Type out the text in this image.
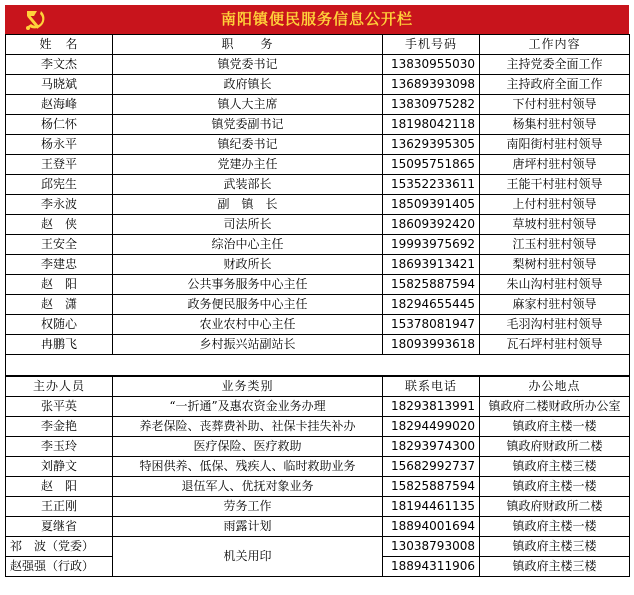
南阳镇便民服务信息公开栏
姓　名	职　　务	手机号码	工作内容
李文杰	镇党委书记	13830955030	主持党委全面工作
马晓斌	政府镇长	13689393098	主持政府全面工作
赵海峰	镇人大主席	13830975282	下付村驻村领导
杨仁怀	镇党委副书记	18198042118	杨集村驻村领导
杨永平	镇纪委书记	13629395305	南阳街村驻村领导
王登平	党建办主任	15095751865	唐坪村驻村领导
邱宪生	武装部长	15352233611	王能干村驻村领导
李永波	副　镇　长	18509391405	上付村驻村领导
赵　侠	司法所长	18609392420	草坡村驻村领导
王安全	综治中心主任	19993975692	江玉村驻村领导
李建忠	财政所长	18693913421	梨树村驻村领导
赵　阳	公共事务服务中心主任	15825887594	朱山沟村驻村领导
赵　潇	政务便民服务中心主任	18294655445	麻家村驻村领导
权随心	农业农村中心主任	15378081947	毛羽沟村驻村领导
冉鹏飞	乡村振兴站副站长	18093993618	瓦石坪村驻村领导

主办人员	业务类别	联系电话	办公地点
张平英	“一折通”及惠农资金业务办理	18293813991	镇政府二楼财政所办公室
李金艳	养老保险、丧葬费补助、社保卡挂失补办	18294499020	镇政府主楼一楼
李玉玲	医疗保险、医疗救助	18293974300	镇政府财政所二楼
刘静文	特困供养、低保、残疾人、临时救助业务	15682992737	镇政府主楼三楼
赵　阳	退伍军人、优抚对象业务	15825887594	镇政府主楼一楼
王正刚	劳务工作	18194461135	镇政府财政所二楼
夏继省	雨露计划	18894001694	镇政府主楼一楼
祁　波（党委）	机关用印	13038793008	镇政府主楼三楼
赵强强（行政）		18894311906	镇政府主楼三楼
